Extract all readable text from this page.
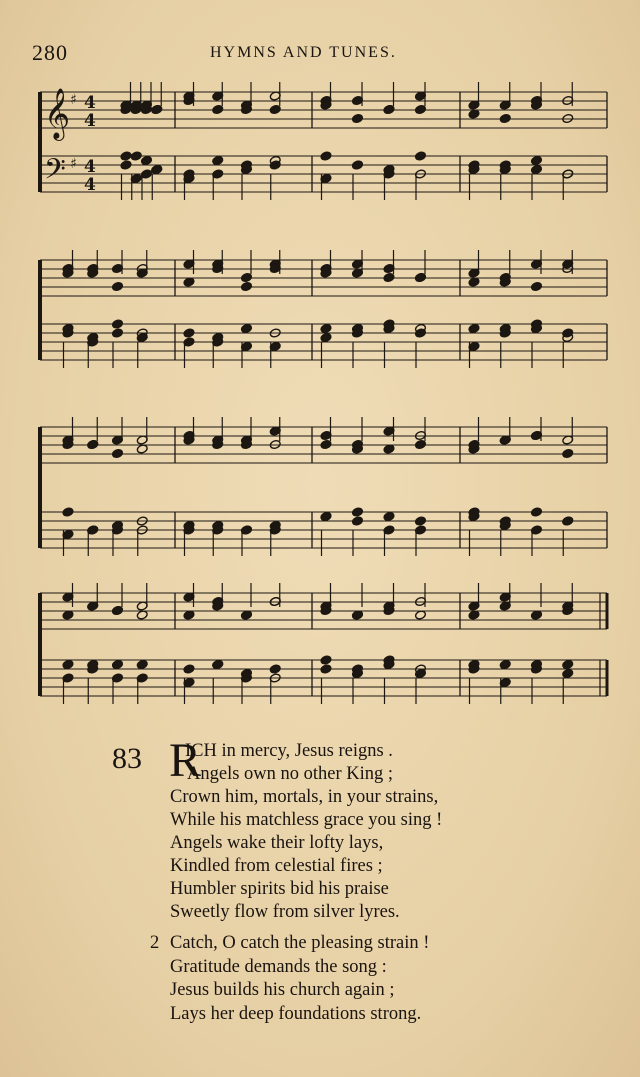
280	HYMNS AND TUNES.
𝄞
𝄢
4
4
♯
4
4
♯
83 R
ICH in mercy, Jesus reigns .
Angels own no other King ;
Crown him, mortals, in your strains,
While his matchless grace you sing !
Angels wake their lofty lays,
Kindled from celestial fires ;
Humbler spirits bid his praise
Sweetly flow from silver lyres.
2 Catch, O catch the pleasing strain !
Gratitude demands the song :
Jesus builds his church again ;
Lays her deep foundations strong.
